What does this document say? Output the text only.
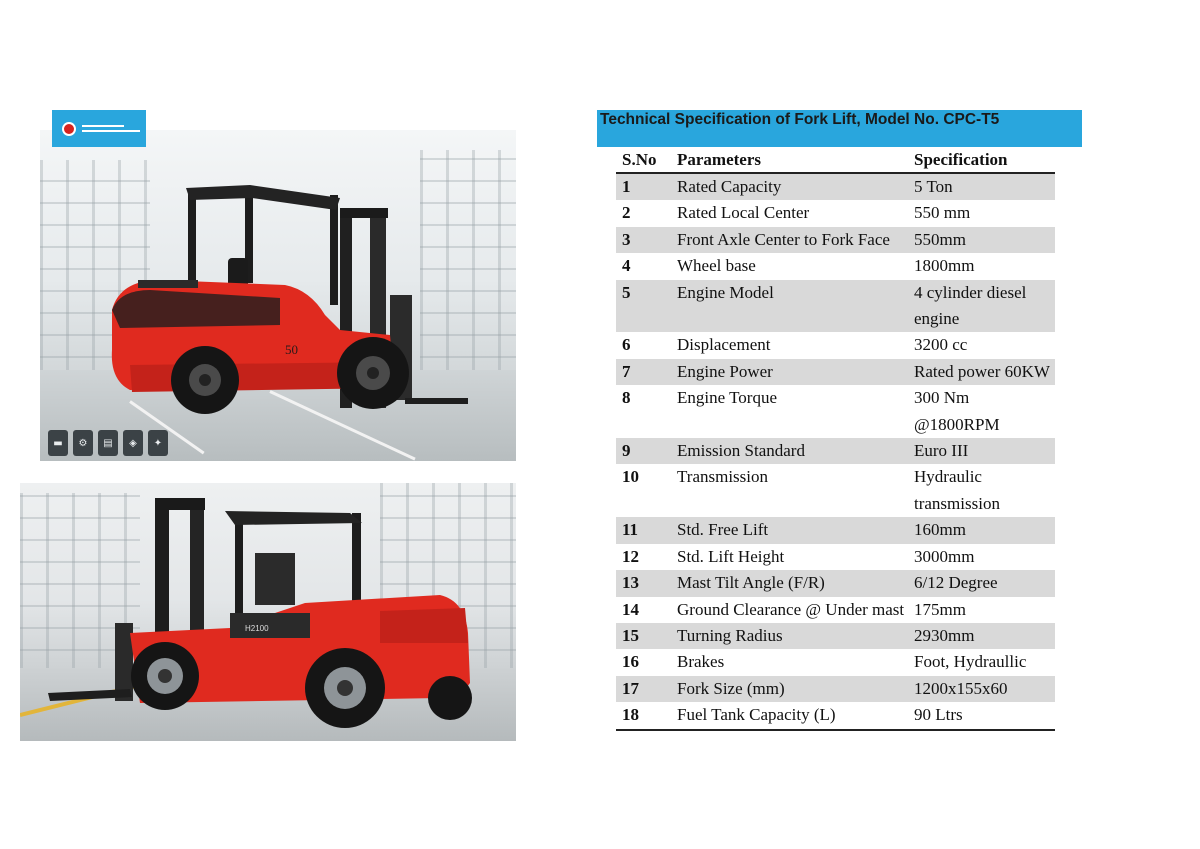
50
▬	⚙	▤	◈	✦
H2100
Technical Specification of Fork Lift, Model No. CPC-T5
S.No	Parameters	Specification
1	Rated Capacity	5 Ton
2	Rated Local Center	550 mm
3	Front Axle Center to Fork Face	550mm
4	Wheel base	1800mm
5	Engine Model	4 cylinder diesel engine
6	Displacement	3200 cc
7	Engine Power	Rated power 60KW
8	Engine Torque	300 Nm @1800RPM
9	Emission Standard	Euro III
10	Transmission	Hydraulic transmission
11	Std. Free Lift	160mm
12	Std. Lift Height	3000mm
13	Mast Tilt Angle (F/R)	6/12 Degree
14	Ground Clearance @ Under mast	175mm
15	Turning Radius	2930mm
16	Brakes	Foot, Hydraullic
17	Fork Size (mm)	1200x155x60
18	Fuel Tank Capacity (L)	90 Ltrs
